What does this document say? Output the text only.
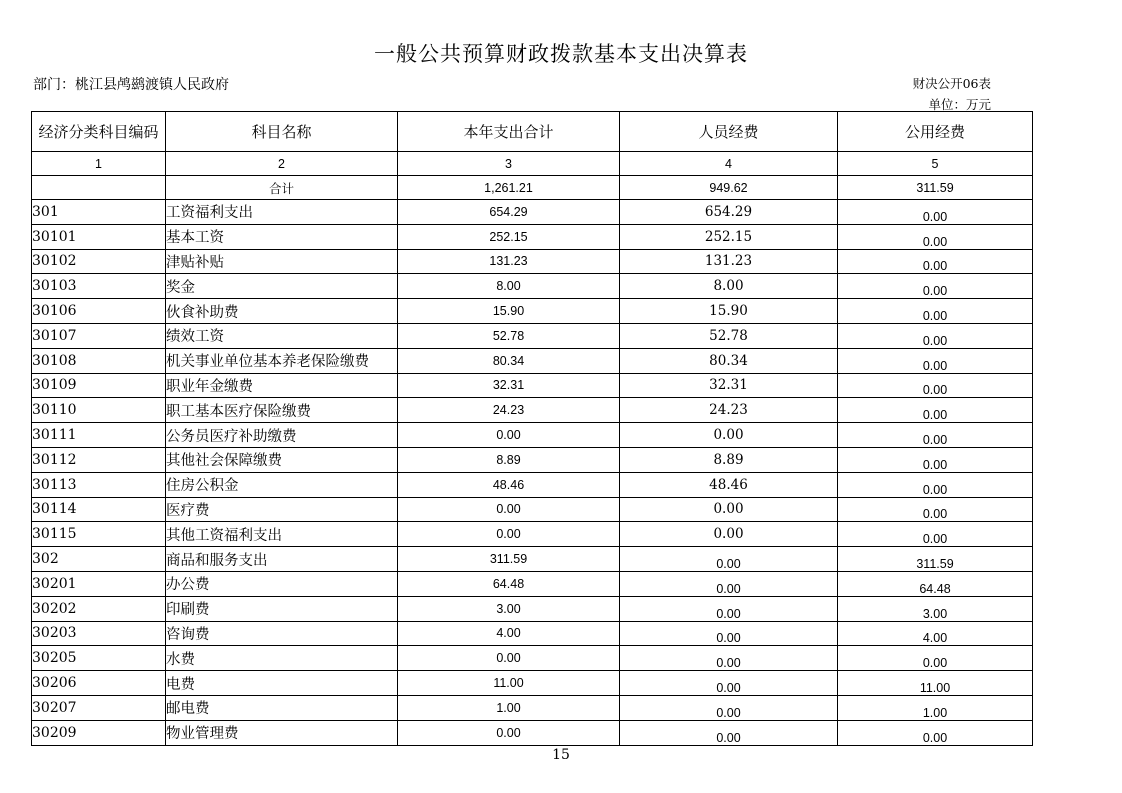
一般公共预算财政拨款基本支出决算表
部门：桃江县鸬鹚渡镇人民政府	财决公开06表
单位：万元
经济分类科目编码	科目名称	本年支出合计	人员经费	公用经费
1	2	3	4	5
	合计	1,261.21	949.62	311.59
301	工资福利支出	654.29	654.29	0.00
30101	基本工资	252.15	252.15	0.00
30102	津贴补贴	131.23	131.23	0.00
30103	奖金	8.00	8.00	0.00
30106	伙食补助费	15.90	15.90	0.00
30107	绩效工资	52.78	52.78	0.00
30108	机关事业单位基本养老保险缴费	80.34	80.34	0.00
30109	职业年金缴费	32.31	32.31	0.00
30110	职工基本医疗保险缴费	24.23	24.23	0.00
30111	公务员医疗补助缴费	0.00	0.00	0.00
30112	其他社会保障缴费	8.89	8.89	0.00
30113	住房公积金	48.46	48.46	0.00
30114	医疗费	0.00	0.00	0.00
30115	其他工资福利支出	0.00	0.00	0.00
302	商品和服务支出	311.59	0.00	311.59
30201	办公费	64.48	0.00	64.48
30202	印刷费	3.00	0.00	3.00
30203	咨询费	4.00	0.00	4.00
30205	水费	0.00	0.00	0.00
30206	电费	11.00	0.00	11.00
30207	邮电费	1.00	0.00	1.00
30209	物业管理费	0.00	0.00	0.00
15
